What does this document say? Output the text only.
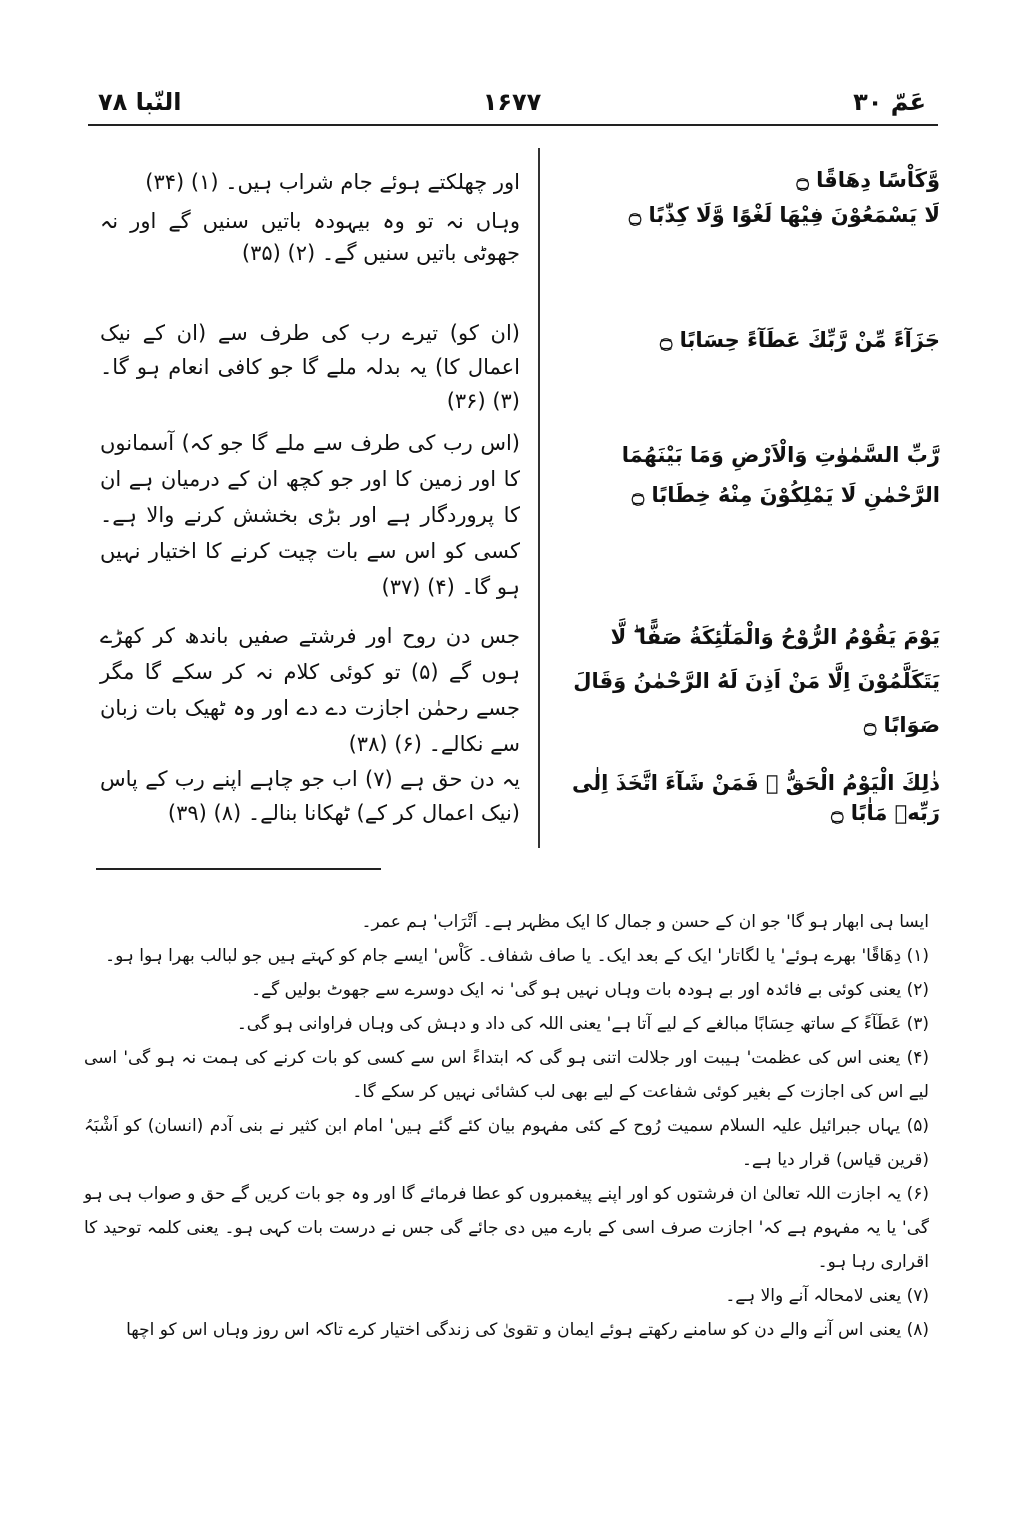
عَمّ ۳۰
۱۶۷۷
النّبا ۷۸
وَّكَاْسًا دِهَاقًا ۝
لَا يَسْمَعُوْنَ فِيْهَا لَغْوًا وَّلَا كِذّٰبًا ۝
جَزَآءً مِّنْ رَّبِّكَ عَطَآءً حِسَابًا ۝
رَّبِّ السَّمٰوٰتِ وَالْاَرْضِ وَمَا بَيْنَهُمَا الرَّحْمٰنِ لَا يَمْلِكُوْنَ مِنْهُ خِطَابًا ۝
يَوْمَ يَقُوْمُ الرُّوْحُ وَالْمَلٰٓئِكَةُ صَفًّا ۖ لَّا يَتَكَلَّمُوْنَ اِلَّا مَنْ اَذِنَ لَهُ الرَّحْمٰنُ وَقَالَ صَوَابًا ۝
ذٰلِكَ الْيَوْمُ الْحَقُّ ۚ فَمَنْ شَآءَ اتَّخَذَ اِلٰى رَبِّهٖ مَاٰبًا ۝
اور چھلکتے ہوئے جام شراب ہیں۔ (۱) (۳۴)
وہاں نہ تو وہ بیہودہ باتیں سنیں گے اور نہ جھوٹی باتیں سنیں گے۔ (۲) (۳۵)
(ان کو) تیرے رب کی طرف سے (ان کے نیک اعمال کا) یہ بدلہ ملے گا جو کافی انعام ہو گا۔ (۳) (۳۶)
(اس رب کی طرف سے ملے گا جو کہ) آسمانوں کا اور زمین کا اور جو کچھ ان کے درمیان ہے ان کا پروردگار ہے اور بڑی بخشش کرنے والا ہے۔ کسی کو اس سے بات چیت کرنے کا اختیار نہیں ہو گا۔ (۴) (۳۷)
جس دن روح اور فرشتے صفیں باندھ کر کھڑے ہوں گے (۵) تو کوئی کلام نہ کر سکے گا مگر جسے رحمٰن اجازت دے دے اور وہ ٹھیک بات زبان سے نکالے۔ (۶) (۳۸)
یہ دن حق ہے (۷) اب جو چاہے اپنے رب کے پاس (نیک اعمال کر کے) ٹھکانا بنالے۔ (۸) (۳۹)

ایسا ہی ابھار ہو گا' جو ان کے حسن و جمال کا ایک مظہر ہے۔ اَتْرَاب' ہم عمر۔

(۱) دِهَاقًا' بھرے ہوئے' یا لگاتار' ایک کے بعد ایک۔ یا صاف شفاف۔ کَاْس' ایسے جام کو کہتے ہیں جو لبالب بھرا ہوا ہو۔

(۲) یعنی کوئی بے فائدہ اور بے ہودہ بات وہاں نہیں ہو گی' نہ ایک دوسرے سے جھوٹ بولیں گے۔

(۳) عَطَآءً کے ساتھ حِسَابًا مبالغے کے لیے آتا ہے' یعنی اللہ کی داد و دہش کی وہاں فراوانی ہو گی۔

(۴) یعنی اس کی عظمت' ہیبت اور جلالت اتنی ہو گی کہ ابتداءً اس سے کسی کو بات کرنے کی ہمت نہ ہو گی' اسی لیے اس کی اجازت کے بغیر کوئی شفاعت کے لیے بھی لب کشائی نہیں کر سکے گا۔

(۵) یہاں جبرائیل علیہ السلام سمیت رُوح کے کئی مفہوم بیان کئے گئے ہیں' امام ابن کثیر نے بنی آدم (انسان) کو اَشْبَہُ (قرین قیاس) قرار دیا ہے۔

(۶) یہ اجازت اللہ تعالیٰ ان فرشتوں کو اور اپنے پیغمبروں کو عطا فرمائے گا اور وہ جو بات کریں گے حق و صواب ہی ہو گی' یا یہ مفہوم ہے کہ' اجازت صرف اسی کے بارے میں دی جائے گی جس نے درست بات کہی ہو۔ یعنی کلمہ توحید کا اقراری رہا ہو۔

(۷) یعنی لامحالہ آنے والا ہے۔

(۸) یعنی اس آنے والے دن کو سامنے رکھتے ہوئے ایمان و تقویٰ کی زندگی اختیار کرے تاکہ اس روز وہاں اس کو اچھا
